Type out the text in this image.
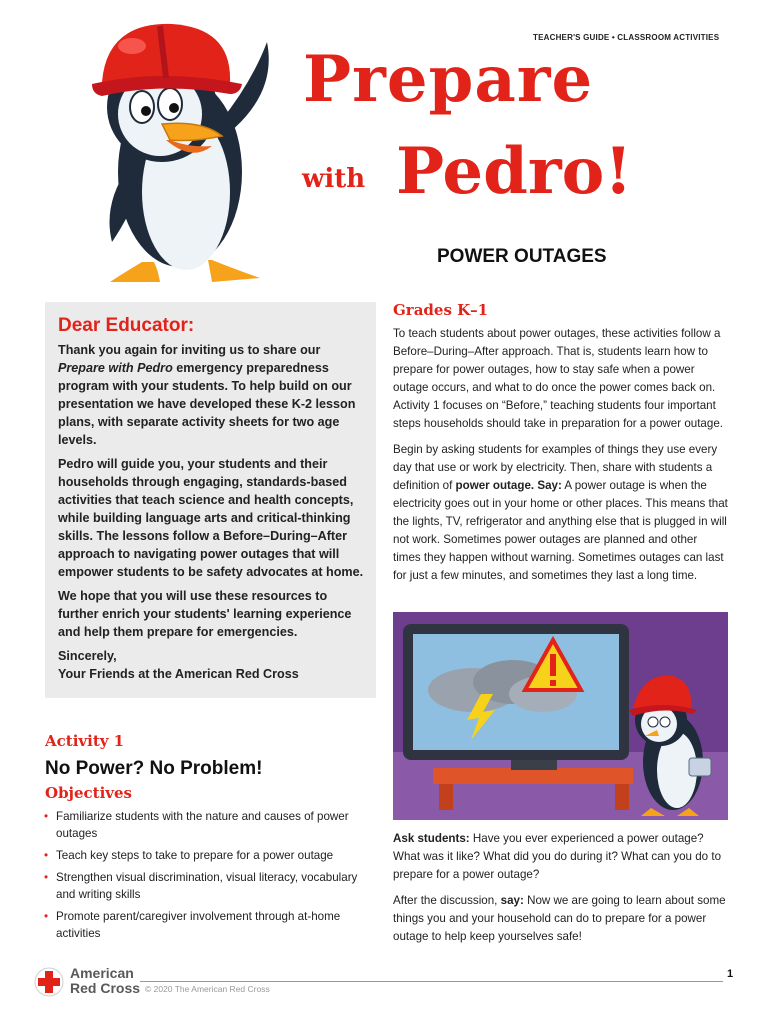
TEACHER'S GUIDE • CLASSROOM ACTIVITIES
Prepare
with Pedro!
POWER OUTAGES
Dear Educator:

Thank you again for inviting us to share our Prepare with Pedro emergency preparedness program with your students. To help build on our presentation we have developed these K-2 lesson plans, with separate activity sheets for two age levels.

Pedro will guide you, your students and their households through engaging, standards-based activities that teach science and health concepts, while building language arts and critical-thinking skills. The lessons follow a Before–During–After approach to navigating power outages that will empower students to be safety advocates at home.

We hope that you will use these resources to further enrich your students' learning experience and help them prepare for emergencies.

Sincerely,
Your Friends at the American Red Cross

Grades K–1

To teach students about power outages, these activities follow a Before–During–After approach. That is, students learn how to prepare for power outages, how to stay safe when a power outage occurs, and what to do once the power comes back on. Activity 1 focuses on “Before,” teaching students four important steps households should take in preparation for a power outage.

Begin by asking students for examples of things they use every day that use or work by electricity. Then, share with students a definition of power outage. Say: A power outage is when the electricity goes out in your home or other places. This means that the lights, TV, refrigerator and anything else that is plugged in will not work. Sometimes power outages are planned and other times they happen without warning. Sometimes outages can last for just a few minutes, and sometimes they last a long time.

Activity 1
No Power? No Problem!
Objectives
• Familiarize students with the nature and causes of power outages
• Teach key steps to take to prepare for a power outage
• Strengthen visual discrimination, visual literacy, vocabulary and writing skills
• Promote parent/caregiver involvement through at-home activities

Ask students: Have you ever experienced a power outage? What was it like? What did you do during it? What can you do to prepare for a power outage?

After the discussion, say: Now we are going to learn about some things you and your household can do to prepare for a power outage to help keep yourselves safe!

American
Red Cross
1
© 2020 The American Red Cross
